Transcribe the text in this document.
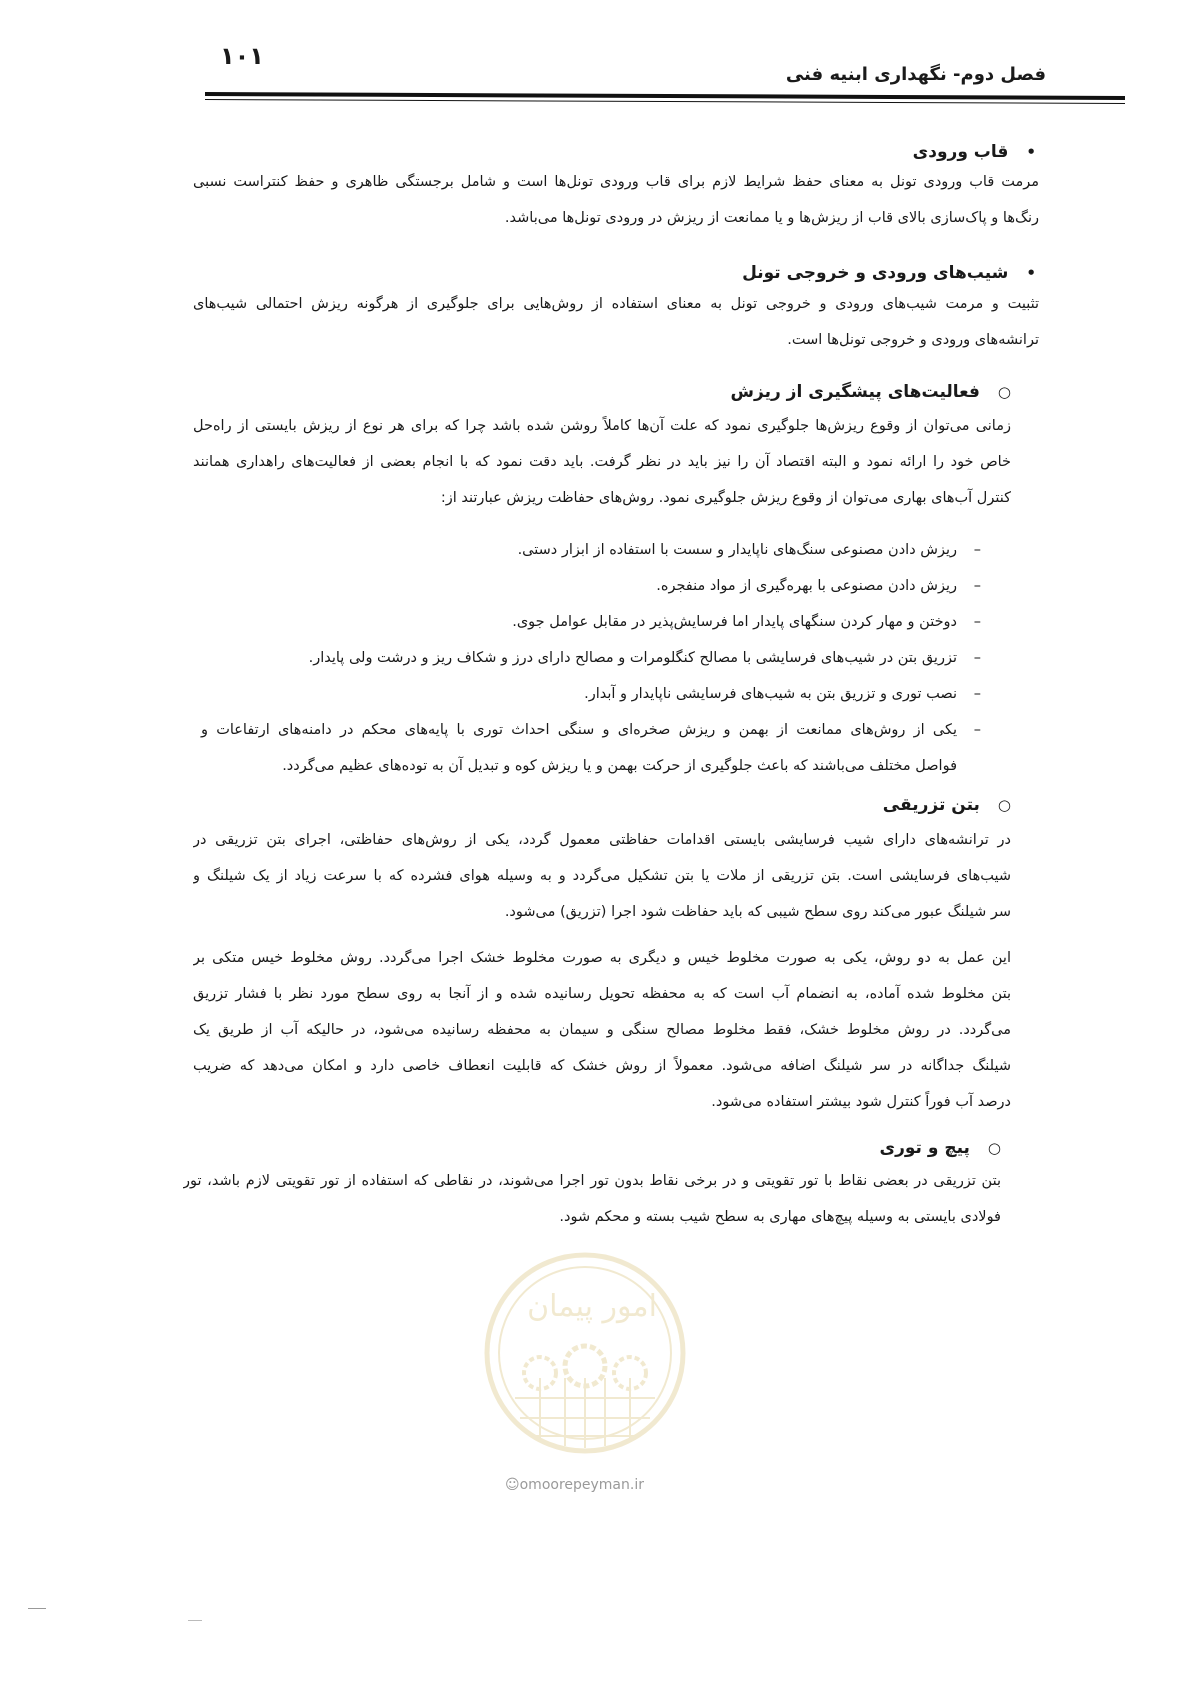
۱۰۱
فصل دوم- نگهداری ابنیه فنی
•قاب ورودی
مرمت قاب ورودی تونل به معنای حفظ شرایط لازم برای قاب ورودی تونل‌ها است و شامل برجستگی ظاهری و حفظ کنتراست نسبی
رنگ‌ها و پاک‌سازی بالای قاب از ریزش‌ها و یا ممانعت از ریزش در ورودی تونل‌ها می‌باشد.
•شیب‌های ورودی و خروجی تونل
تثبیت و مرمت شیب‌های ورودی و خروجی تونل به معنای استفاده از روش‌هایی برای جلوگیری از هرگونه ریزش احتمالی شیب‌های
ترانشه‌های ورودی و خروجی تونل‌ها است.
○فعالیت‌های پیشگیری از ریزش
زمانی می‌توان از وقوع ریزش‌ها جلوگیری نمود که علت آن‌ها کاملاً روشن شده باشد چرا که برای هر نوع از ریزش بایستی از راه‌حل
خاص خود را ارائه نمود و البته اقتصاد آن را نیز باید در نظر گرفت. باید دقت نمود که با انجام بعضی از فعالیت‌های راهداری همانند
کنترل آب‌های بهاری می‌توان از وقوع ریزش جلوگیری نمود. روش‌های حفاظت ریزش عبارتند از:
–
ریزش دادن مصنوعی سنگ‌های ناپایدار و سست با استفاده از ابزار دستی.
–
ریزش دادن مصنوعی با بهره‌گیری از مواد منفجره.
–
دوختن و مهار کردن سنگهای پایدار اما فرسایش‌پذیر در مقابل عوامل جوی.
–
تزریق بتن در شیب‌های فرسایشی با مصالح کنگلومرات و مصالح دارای درز و شکاف ریز و درشت ولی پایدار.
–
نصب توری و تزریق بتن به شیب‌های فرسایشی ناپایدار و آبدار.
–
یکی از روش‌های ممانعت از بهمن و ریزش صخره‌ای و سنگی احداث توری با پایه‌های محکم در دامنه‌های ارتفاعات و
فواصل مختلف می‌باشند که باعث جلوگیری از حرکت بهمن و یا ریزش کوه و تبدیل آن به توده‌های عظیم می‌گردد.
○بتن تزریقی
در ترانشه‌های دارای شیب فرسایشی بایستی اقدامات حفاظتی معمول گردد، یکی از روش‌های حفاظتی، اجرای بتن تزریقی در
شیب‌های فرسایشی است. بتن تزریقی از ملات یا بتن تشکیل می‌گردد و به وسیله هوای فشرده که با سرعت زیاد از یک شیلنگ و
سر شیلنگ عبور می‌کند روی سطح شیبی که باید حفاظت شود اجرا (تزریق) می‌شود.
این عمل به دو روش، یکی به صورت مخلوط خیس و دیگری به صورت مخلوط خشک اجرا می‌گردد. روش مخلوط خیس متکی بر
بتن مخلوط شده آماده، به انضمام آب است که به محفظه تحویل رسانیده شده و از آنجا به روی سطح مورد نظر با فشار تزریق
می‌گردد. در روش مخلوط خشک، فقط مخلوط مصالح سنگی و سیمان به محفظه رسانیده می‌شود، در حالیکه آب از طریق یک
شیلنگ جداگانه در سر شیلنگ اضافه می‌شود. معمولاً از روش خشک که قابلیت انعطاف خاصی دارد و امکان می‌دهد که ضریب
درصد آب فوراً کنترل شود بیشتر استفاده می‌شود.
○پیچ و توری
بتن تزریقی در بعضی نقاط با تور تقویتی و در برخی نقاط بدون تور اجرا می‌شوند، در نقاطی که استفاده از تور تقویتی لازم باشد، تور
فولادی بایستی به وسیله پیچ‌های مهاری به سطح شیب بسته و محکم شود.
امور پیمان
☺omoorepeyman.ir
